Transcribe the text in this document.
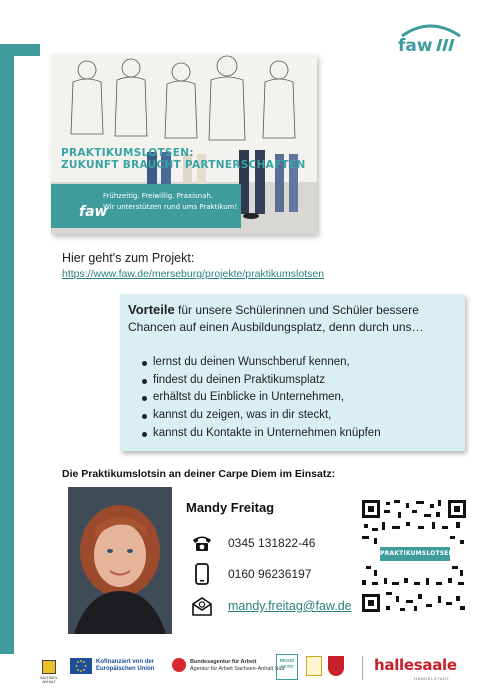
faw
PRAKTIKUMSLOTSEN:
ZUKUNFT BRAUCHT PARTNERSCHAFTEN
Frühzeitig. Freiwillig. Praxisnah.
Wir unterstützen rund ums Praktikum!
faw
Hier geht's zum Projekt:
https://www.faw.de/merseburg/projekte/praktikumslotsen
Vorteile für unsere Schülerinnen und Schüler bessere Chancen auf einen Ausbildungsplatz, denn durch uns…
lernst du deinen Wunschberuf kennen,
findest du deinen Praktikumsplatz
erhältst du Einblicke in Unternehmen,
kannst du zeigen, was in dir steckt,
kannst du Kontakte in Unternehmen knüpfen
Die Praktikumslotsin an deiner Carpe Diem im Einsatz:
Mandy Freitag
0345 131822-46
0160 96236197
mandy.freitag@faw.de
PRAKTIKUMSLOTSEN
SACHSEN-ANHALT
Kofinanziert von der
Europäischen Union
Bundesagentur für Arbeit
Agentur für Arbeit Sachsen-Anhalt Süd
REGIO AKTIV	hallesaale
HÄNDELSTADT
